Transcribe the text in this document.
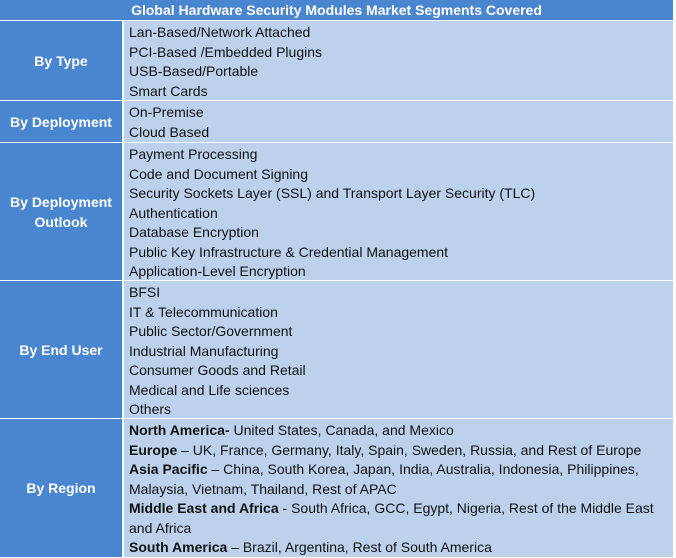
Global Hardware Security Modules Market Segments Covered
By Type
Lan-Based/Network Attached
PCI-Based /Embedded Plugins
USB-Based/Portable
Smart Cards
By Deployment
On-Premise
Cloud Based
By Deployment
Outlook
Payment Processing
Code and Document Signing
Security Sockets Layer (SSL) and Transport Layer Security (TLC)
Authentication
Database Encryption
Public Key Infrastructure & Credential Management
Application-Level Encryption
By End User
BFSI
IT & Telecommunication
Public Sector/Government
Industrial Manufacturing
Consumer Goods and Retail
Medical and Life sciences
Others
By Region
North America- United States, Canada, and Mexico
Europe – UK, France, Germany, Italy, Spain, Sweden, Russia, and Rest of Europe
Asia Pacific – China, South Korea, Japan, India, Australia, Indonesia, Philippines, Malaysia, Vietnam, Thailand, Rest of APAC
Middle East and Africa - South Africa, GCC, Egypt, Nigeria, Rest of the Middle East and Africa
South America – Brazil, Argentina, Rest of South America
